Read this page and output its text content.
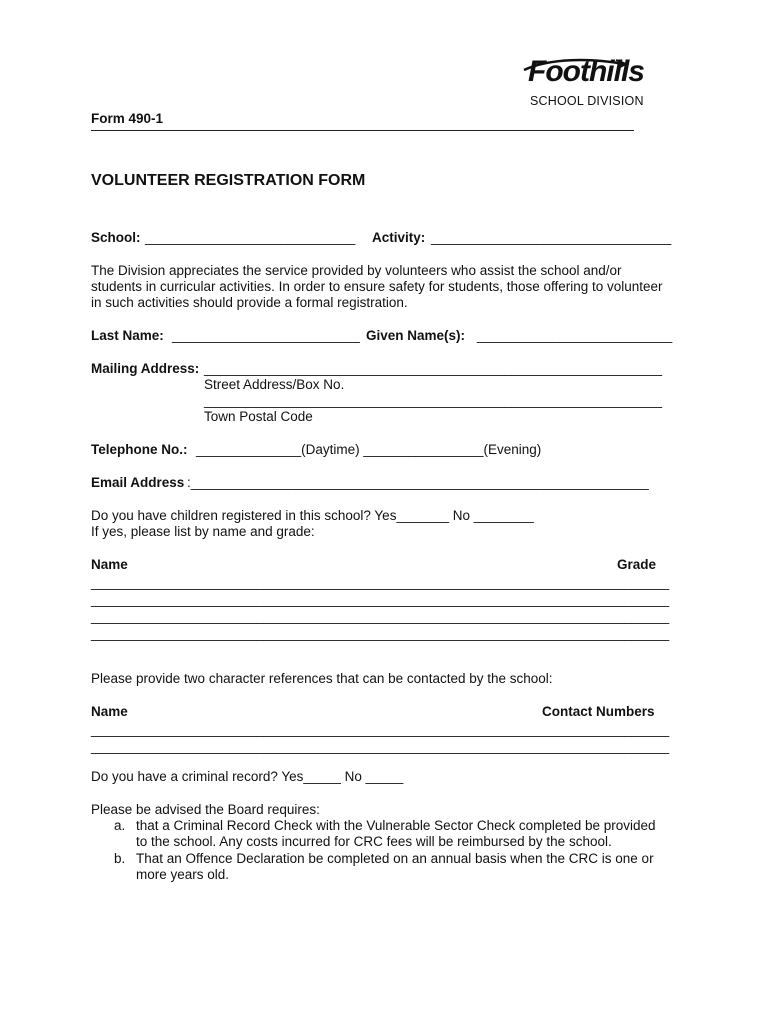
Foothills
SCHOOL DIVISION
Form 490-1
VOLUNTEER REGISTRATION FORM
School: ____________________________ Activity: ________________________________
The Division appreciates the service provided by volunteers who assist the school and/or
students in curricular activities. In order to ensure safety for students, those offering to volunteer
in such activities should provide a formal registration.
Last Name: _________________________ Given Name(s): __________________________
Mailing Address: _____________________________________________________________
Street Address/Box No.
_____________________________________________________________
Town Postal Code
Telephone No.: ______________(Daytime) ________________(Evening)
Email Address :_____________________________________________________________
Do you have children registered in this school? Yes_______ No ________
If yes, please list by name and grade:
Name	Grade
_____________________________________________________________________________
_____________________________________________________________________________
_____________________________________________________________________________
_____________________________________________________________________________
Please provide two character references that can be contacted by the school:
Name	Contact Numbers
_____________________________________________________________________________
_____________________________________________________________________________
Do you have a criminal record? Yes_____ No _____
Please be advised the Board requires:
a. that a Criminal Record Check with the Vulnerable Sector Check completed be provided
to the school. Any costs incurred for CRC fees will be reimbursed by the school.
b. That an Offence Declaration be completed on an annual basis when the CRC is one or
more years old.
